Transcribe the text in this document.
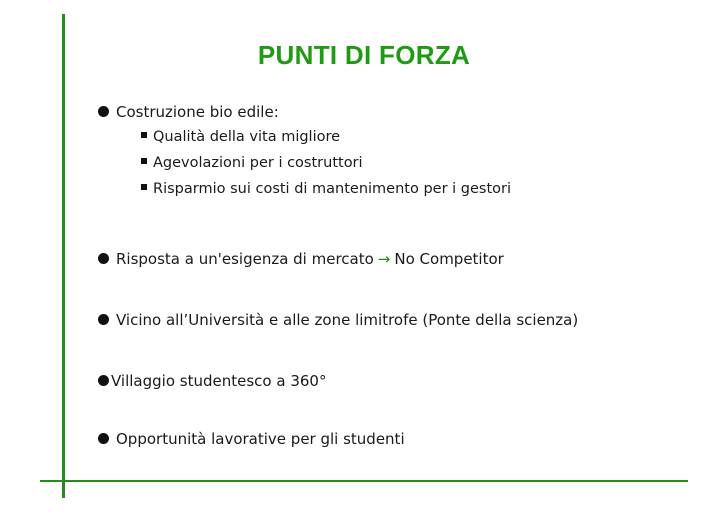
PUNTI DI FORZA
Costruzione bio edile:
Qualità della vita migliore
Agevolazioni per i costruttori
Risparmio sui costi di mantenimento per i gestori
Risposta a un'esigenza di mercato → No Competitor
Vicino all’Università e alle zone limitrofe (Ponte della scienza)
Villaggio studentesco a 360°
Opportunità lavorative per gli studenti
